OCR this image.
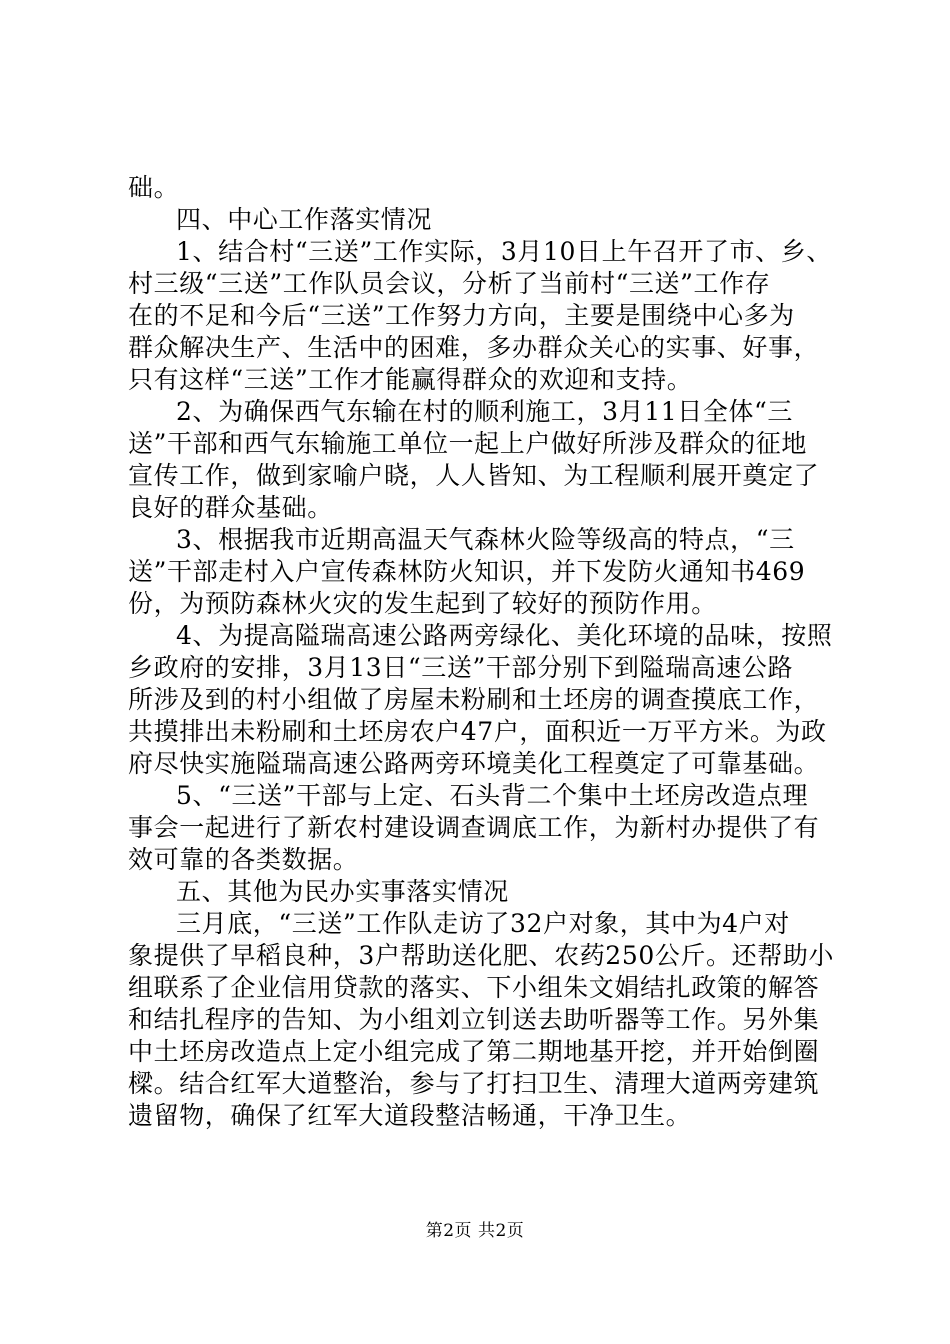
础。
四、中心工作落实情况
1、结合村“三送”工作实际，3月10日上午召开了市、乡、
村三级“三送”工作队员会议，分析了当前村“三送”工作存
在的不足和今后“三送”工作努力方向，主要是围绕中心多为
群众解决生产、生活中的困难，多办群众关心的实事、好事，
只有这样“三送”工作才能赢得群众的欢迎和支持。
2、为确保西气东输在村的顺利施工，3月11日全体“三
送”干部和西气东输施工单位一起上户做好所涉及群众的征地
宣传工作，做到家喻户晓，人人皆知、为工程顺利展开奠定了
良好的群众基础。
3、根据我市近期高温天气森林火险等级高的特点，“三
送”干部走村入户宣传森林防火知识，并下发防火通知书469
份，为预防森林火灾的发生起到了较好的预防作用。
4、为提高隘瑞高速公路两旁绿化、美化环境的品味，按照
乡政府的安排，3月13日“三送”干部分别下到隘瑞高速公路
所涉及到的村小组做了房屋未粉刷和土坯房的调查摸底工作，
共摸排出未粉刷和土坯房农户47户，面积近一万平方米。为政
府尽快实施隘瑞高速公路两旁环境美化工程奠定了可靠基础。
5、“三送”干部与上定、石头背二个集中土坯房改造点理
事会一起进行了新农村建设调查调底工作，为新村办提供了有
效可靠的各类数据。
五、其他为民办实事落实情况
三月底，“三送”工作队走访了32户对象，其中为4户对
象提供了早稻良种，3户帮助送化肥、农药250公斤。还帮助小
组联系了企业信用贷款的落实、下小组朱文娟结扎政策的解答
和结扎程序的告知、为小组刘立钊送去助听器等工作。另外集
中土坯房改造点上定小组完成了第二期地基开挖，并开始倒圈
樑。结合红军大道整治，参与了打扫卫生、清理大道两旁建筑
遗留物，确保了红军大道段整洁畅通，干净卫生。
第2页 共2页
